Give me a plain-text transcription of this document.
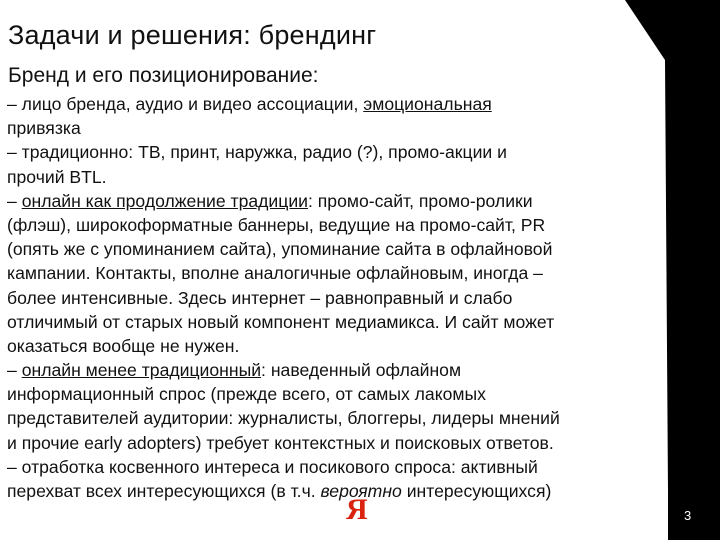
Задачи и решения: брендинг
Бренд и его позиционирование:
– лицо бренда, аудио и видео ассоциации, эмоциональная
привязка
– традиционно: ТВ, принт, наружка, радио (?), промо-акции и
прочий BTL.
– онлайн как продолжение традиции: промо-сайт, промо-ролики
(флэш), широкоформатные баннеры, ведущие на промо-сайт, PR
(опять же с упоминанием сайта), упоминание сайта в офлайновой
кампании. Контакты, вполне аналогичные офлайновым, иногда –
более интенсивные. Здесь интернет – равноправный и слабо
отличимый от старых новый компонент медиамикса. И сайт может
оказаться вообще не нужен.
– онлайн менее традиционный: наведенный офлайном
информационный спрос (прежде всего, от самых лакомых
представителей аудитории: журналисты, блоггеры, лидеры мнений
и прочие early adopters) требует контекстных и поисковых ответов.
– отработка косвенного интереса и посикового спроса: активный
перехват всех интересующихся (в т.ч. вероятно интересующихся)
Я	3
